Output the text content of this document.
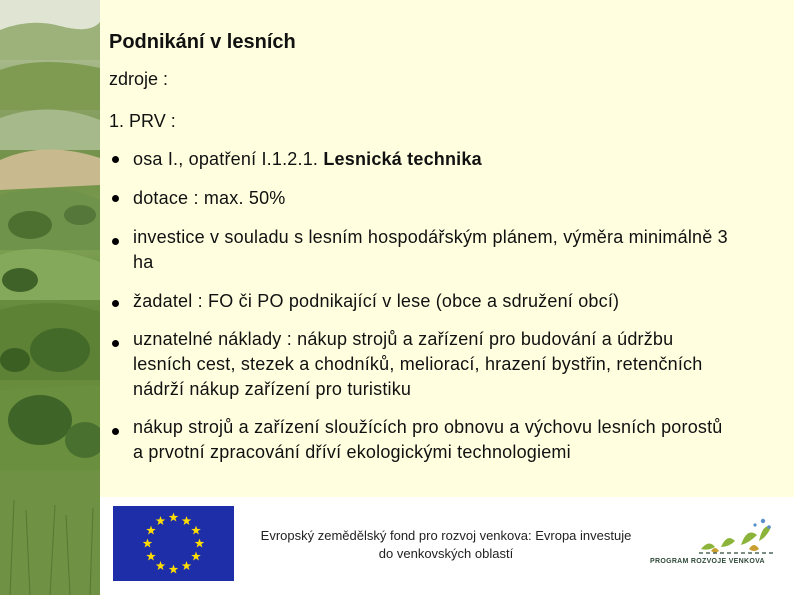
Podnikání v lesních
zdroje :
1. PRV :
osa I., opatření I.1.2.1. Lesnická technika
dotace : max. 50%
investice v souladu s lesním hospodářským plánem, výměra minimálně 3 ha
žadatel : FO či PO podnikající v lese (obce a sdružení obcí)
uznatelné náklady : nákup strojů a zařízení pro budování a údržbu lesních cest, stezek a chodníků, meliorací, hrazení bystřin, retenčních nádrží nákup zařízení pro turistiku
nákup strojů a zařízení sloužících pro obnovu a výchovu lesních porostů a prvotní zpracování dříví ekologickými technologiemi
Evropský zemědělský fond pro rozvoj venkova: Evropa investuje do venkovských oblastí
PROGRAM ROZVOJE VENKOVA
